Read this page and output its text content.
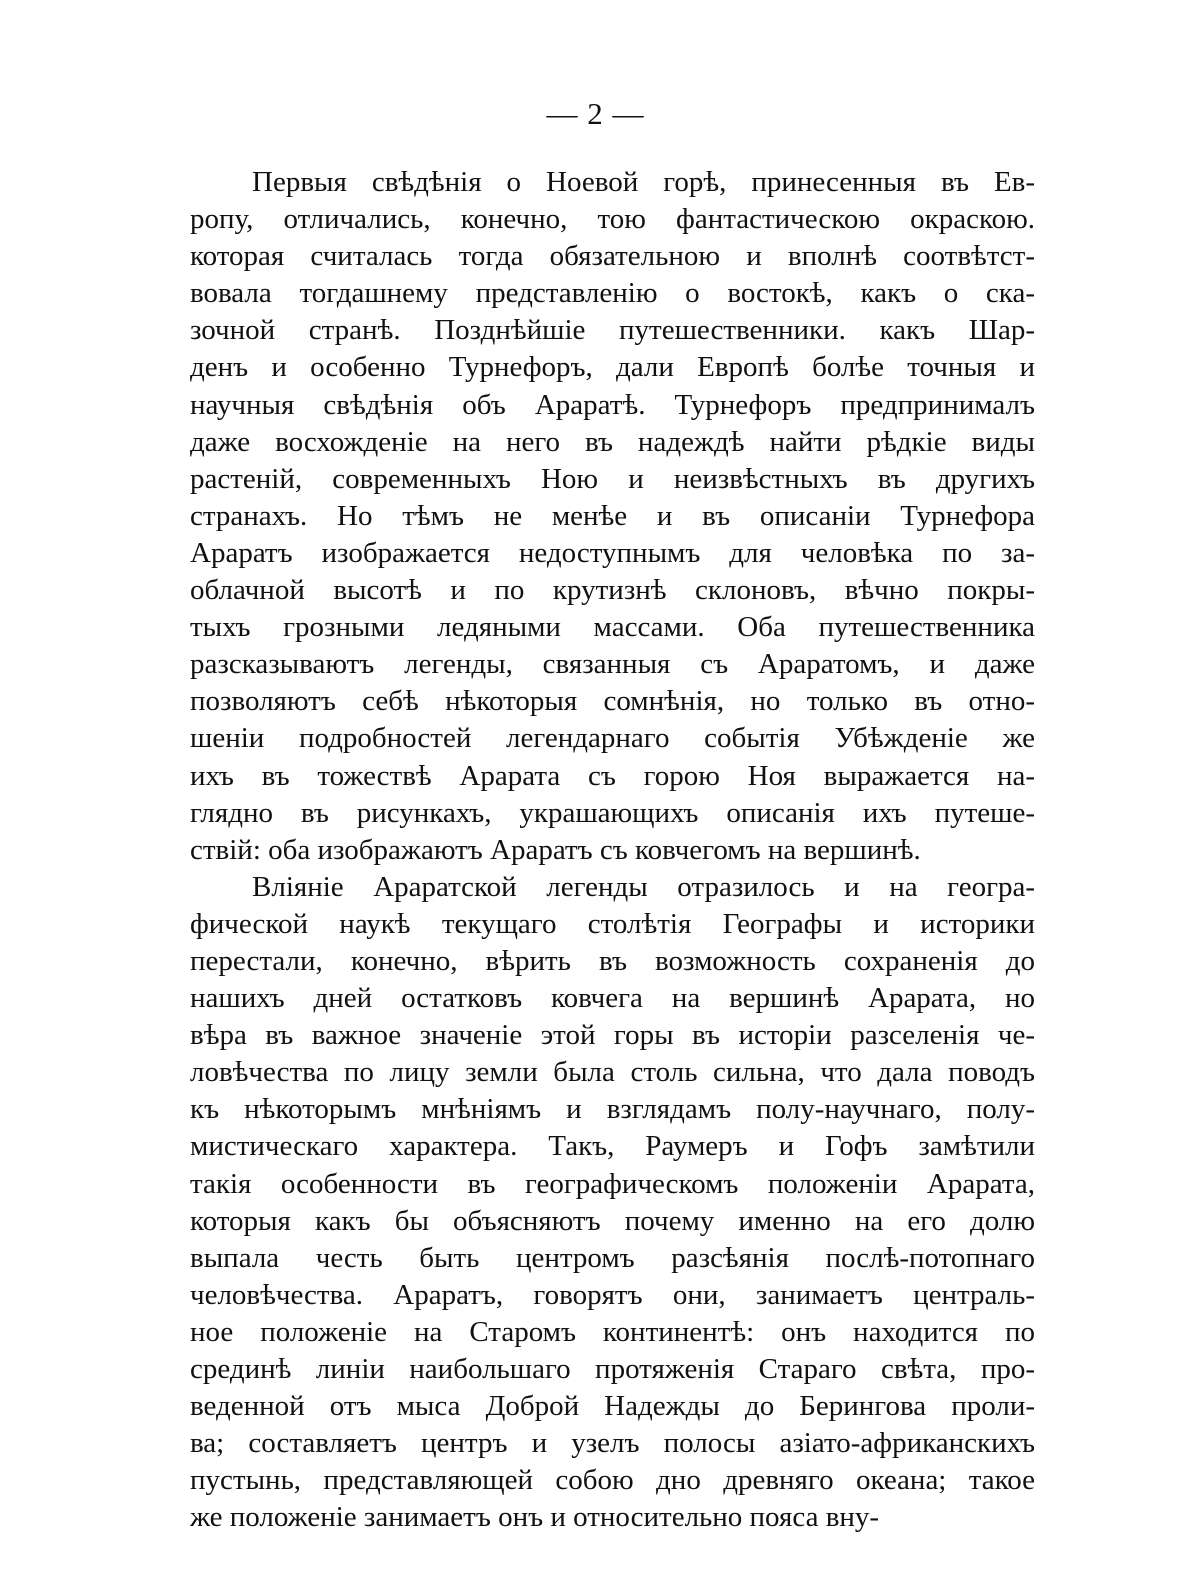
— 2 —
Первыя свѣдѣнія о Ноевой горѣ, принесенныя въ Ев-
ропу, отличались, конечно, тою фантастическою окраскою.
которая считалась тогда обязательною и вполнѣ соотвѣтст-
вовала тогдашнему представленію о востокѣ, какъ о ска-
зочной странѣ. Позднѣйшіе путешественники. какъ Шар-
денъ и особенно Турнефоръ, дали Европѣ болѣе точныя и
научныя свѣдѣнія объ Араратѣ. Турнефоръ предпринималъ
даже восхожденіе на него въ надеждѣ найти рѣдкіе виды
растеній, современныхъ Ною и неизвѣстныхъ въ другихъ
странахъ. Но тѣмъ не менѣе и въ описаніи Турнефора
Араратъ изображается недоступнымъ для человѣка по за-
облачной высотѣ и по крутизнѣ склоновъ, вѣчно покры-
тыхъ грозными ледяными массами. Оба путешественника
разсказываютъ легенды, связанныя съ Араратомъ, и даже
позволяютъ себѣ нѣкоторыя сомнѣнія, но только въ отно-
шеніи подробностей легендарнаго событія Убѣжденіе же
ихъ въ тожествѣ Арарата съ горою Ноя выражается на-
глядно въ рисункахъ, украшающихъ описанія ихъ путеше-
ствій: оба изображаютъ Араратъ съ ковчегомъ на вершинѣ.
Вліяніе Араратской легенды отразилось и на геогра-
фической наукѣ текущаго столѣтія Географы и историки
перестали, конечно, вѣрить въ возможность сохраненія до
нашихъ дней остатковъ ковчега на вершинѣ Арарата, но
вѣра въ важное значеніе этой горы въ исторіи разселенія че-
ловѣчества по лицу земли была столь сильна, что дала поводъ
къ нѣкоторымъ мнѣніямъ и взглядамъ полу-научнаго, полу-
мистическаго характера. Такъ, Раумеръ и Гофъ замѣтили
такія особенности въ географическомъ положеніи Арарата,
которыя какъ бы объясняютъ почему именно на его долю
выпала честь быть центромъ разсѣянія послѣ-потопнаго
человѣчества. Араратъ, говорятъ они, занимаетъ централь-
ное положеніе на Старомъ континентѣ: онъ находится по
срединѣ линіи наибольшаго протяженія Стараго свѣта, про-
веденной отъ мыса Доброй Надежды до Берингова проли-
ва; составляетъ центръ и узелъ полосы азіато-африканскихъ
пустынь, представляющей собою дно древняго океана; такое
же положеніе занимаетъ онъ и относительно пояса вну-
